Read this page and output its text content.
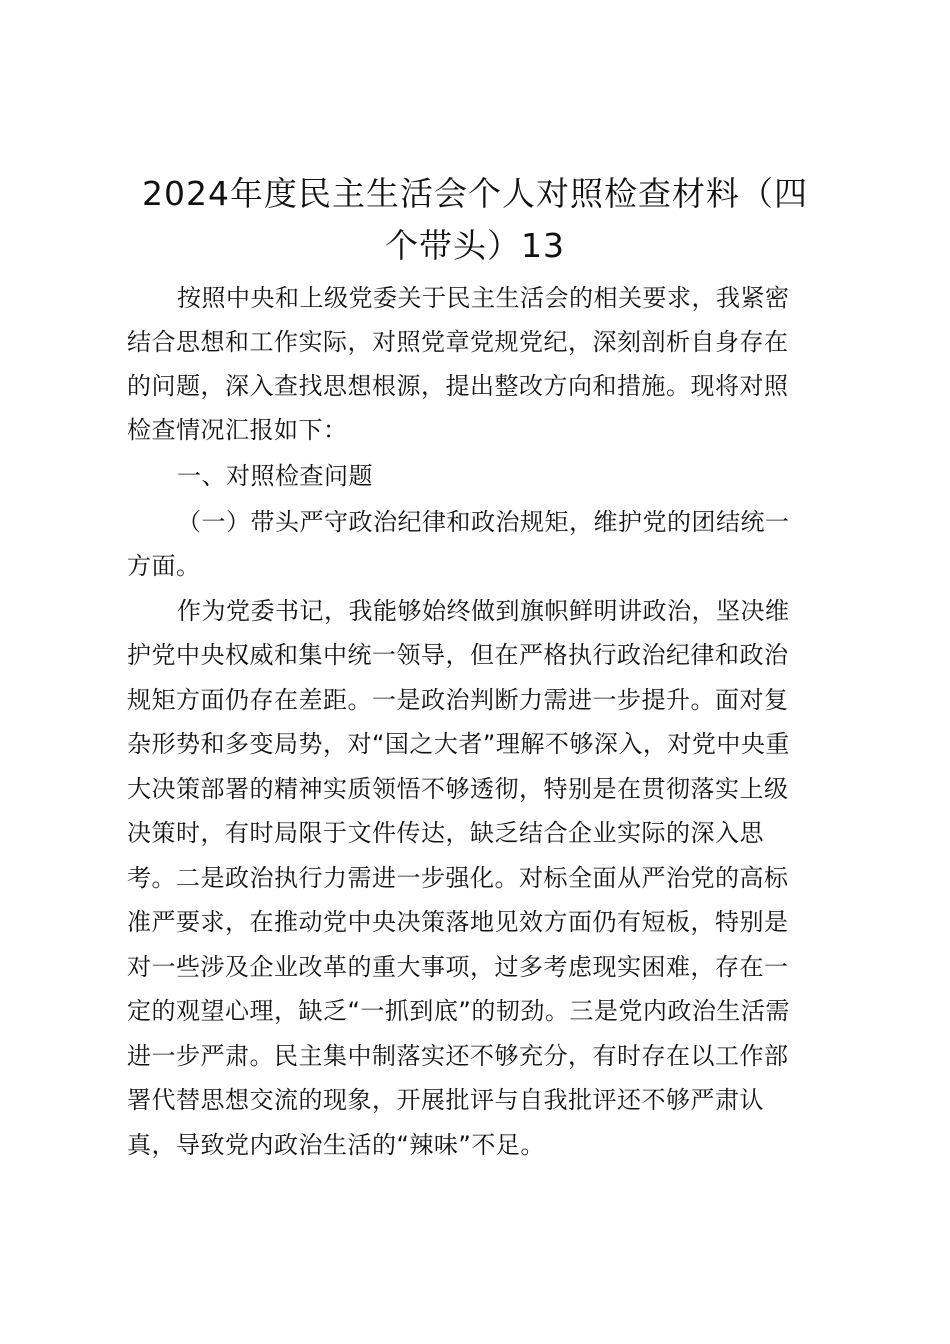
2024年度民主生活会个人对照检查材料（四
个带头）13
按照中央和上级党委关于民主生活会的相关要求，我紧密
结合思想和工作实际，对照党章党规党纪，深刻剖析自身存在
的问题，深入查找思想根源，提出整改方向和措施。现将对照
检查情况汇报如下：
一、对照检查问题
（一）带头严守政治纪律和政治规矩，维护党的团结统一
方面。
作为党委书记，我能够始终做到旗帜鲜明讲政治，坚决维
护党中央权威和集中统一领导，但在严格执行政治纪律和政治
规矩方面仍存在差距。一是政治判断力需进一步提升。面对复
杂形势和多变局势，对“国之大者”理解不够深入，对党中央重
大决策部署的精神实质领悟不够透彻，特别是在贯彻落实上级
决策时，有时局限于文件传达，缺乏结合企业实际的深入思
考。二是政治执行力需进一步强化。对标全面从严治党的高标
准严要求，在推动党中央决策落地见效方面仍有短板，特别是
对一些涉及企业改革的重大事项，过多考虑现实困难，存在一
定的观望心理，缺乏“一抓到底”的韧劲。三是党内政治生活需
进一步严肃。民主集中制落实还不够充分，有时存在以工作部
署代替思想交流的现象，开展批评与自我批评还不够严肃认
真，导致党内政治生活的“辣味”不足。
